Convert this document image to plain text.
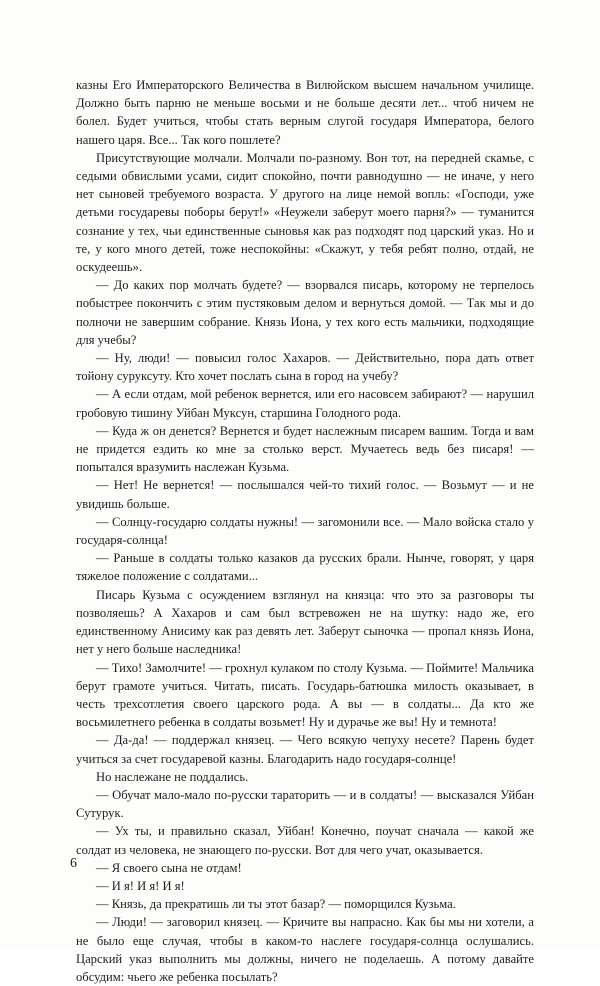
казны Его Императорского Величества в Вилюйском высшем начальном училище. Должно быть парню не меньше восьми и не больше десяти лет... чтоб ничем не болел. Будет учиться, чтобы стать верным слугой государя Императора, белого нашего царя. Все... Так кого пошлете?

Присутствующие молчали. Молчали по-разному. Вон тот, на передней скамье, с седыми обвислыми усами, сидит спокойно, почти равнодушно — не иначе, у него нет сыновей требуемого возраста. У другого на лице немой вопль: «Господи, уже детьми государевы поборы берут!» «Неужели заберут моего парня?» — туманится сознание у тех, чьи единственные сыновья как раз подходят под царский указ. Но и те, у кого много детей, тоже неспокойны: «Скажут, у тебя ребят полно, отдай, не оскудеешь».

— До каких пор молчать будете? — взорвался писарь, которому не терпелось побыстрее покончить с этим пустяковым делом и вернуться домой. — Так мы и до полночи не завершим собрание. Князь Иона, у тех кого есть мальчики, подходящие для учебы?

— Ну, люди! — повысил голос Хахаров. — Действительно, пора дать ответ тойону суруксуту. Кто хочет послать сына в город на учебу?

— А если отдам, мой ребенок вернется, или его насовсем забирают? — нарушил гробовую тишину Уйбан Муксун, старшина Голодного рода.

— Куда ж он денется? Вернется и будет наслежным писарем вашим. Тогда и вам не придется ездить ко мне за столько верст. Мучаетесь ведь без писаря! — попытался вразумить наслежан Кузьма.

— Нет! Не вернется! — послышался чей-то тихий голос. — Возьмут — и не увидишь больше.

— Солнцу-государю солдаты нужны! — загомонили все. — Мало войска стало у государя-солнца!

— Раньше в солдаты только казаков да русских брали. Нынче, говорят, у царя тяжелое положение с солдатами...

Писарь Кузьма с осуждением взглянул на князца: что это за разговоры ты позволяешь? А Хахаров и сам был встревожен не на шутку: надо же, его единственному Анисиму как раз девять лет. Заберут сыночка — пропал князь Иона, нет у него больше наследника!

— Тихо! Замолчите! — грохнул кулаком по столу Кузьма. — Поймите! Мальчика берут грамоте учиться. Читать, писать. Государь-батюшка милость оказывает, в честь трехсотлетия своего царского рода. А вы — в солдаты... Да кто же восьмилетнего ребенка в солдаты возьмет! Ну и дурачье же вы! Ну и темнота!

— Да-да! — поддержал князец. — Чего всякую чепуху несете? Парень будет учиться за счет государевой казны. Благодарить надо государя-солнце!

Но наслежане не поддались.

— Обучат мало-мало по-русски тараторить — и в солдаты! — высказался Уйбан Сутурук.

— Ух ты, и правильно сказал, Уйбан! Конечно, поучат сначала — какой же солдат из человека, не знающего по-русски. Вот для чего учат, оказывается.

— Я своего сына не отдам!

— И я! И я! И я!

— Князь, да прекратишь ли ты этот базар? — поморщился Кузьма.

— Люди! — заговорил князец. — Кричите вы напрасно. Как бы мы ни хотели, а не было еще случая, чтобы в каком-то наслеге государя-солнца ослушались. Царский указ выполнить мы должны, ничего не поделаешь. А потому давайте обсудим: чьего же ребенка посылать?

6
